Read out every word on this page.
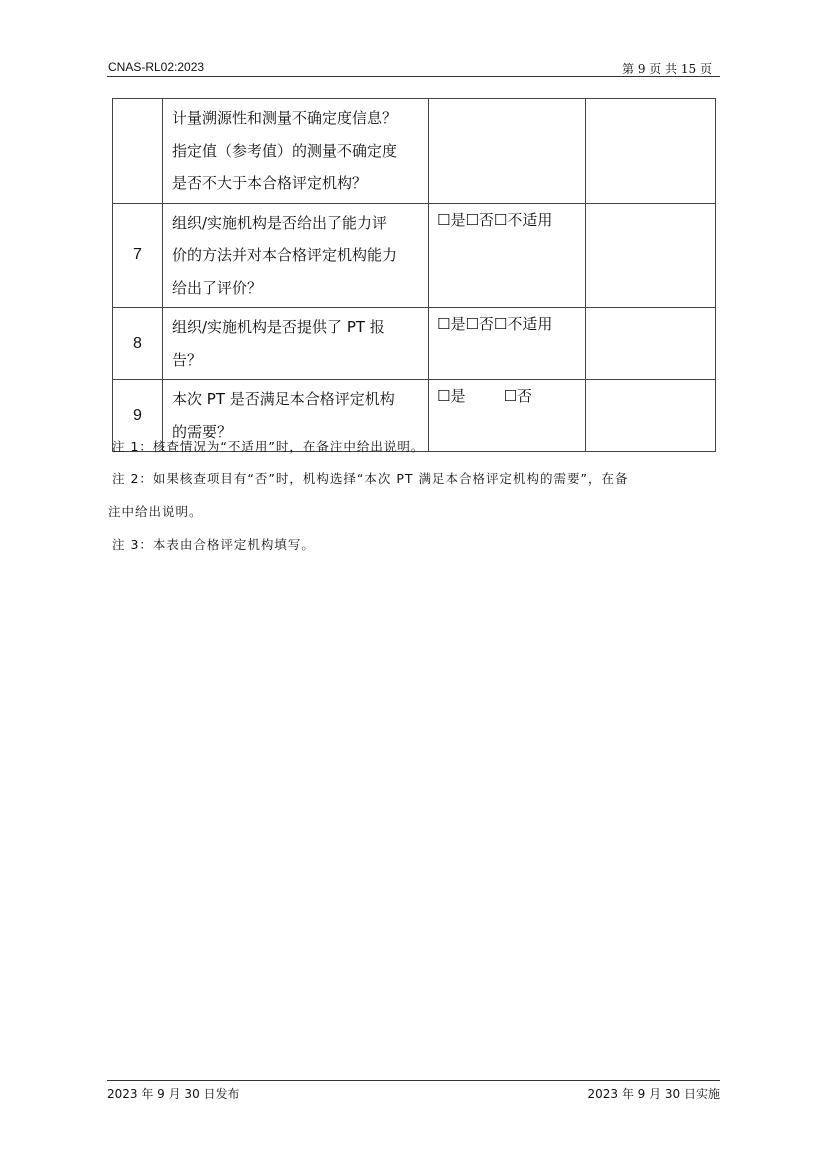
CNAS-RL02:2023	第 9 页 共 15 页

	计量溯源性和测量不确定度信息？
指定值（参考值）的测量不确定度
是否不大于本合格评定机构？		

7	组织/实施机构是否给出了能力评
价的方法并对本合格评定机构能力
给出了评价？	☐是☐否☐不适用	
8	组织/实施机构是否提供了 PT 报
告？	☐是☐否☐不适用	
9	本次 PT 是否满足本合格评定机构
的需要？	☐是        ☐否	
注 1：核查情况为“不适用”时，在备注中给出说明。
注 2：如果核查项目有“否”时，机构选择“本次 PT 满足本合格评定机构的需要”，在备
注中给出说明。
注 3：本表由合格评定机构填写。
2023 年 9 月 30 日发布	2023 年 9 月 30 日实施
